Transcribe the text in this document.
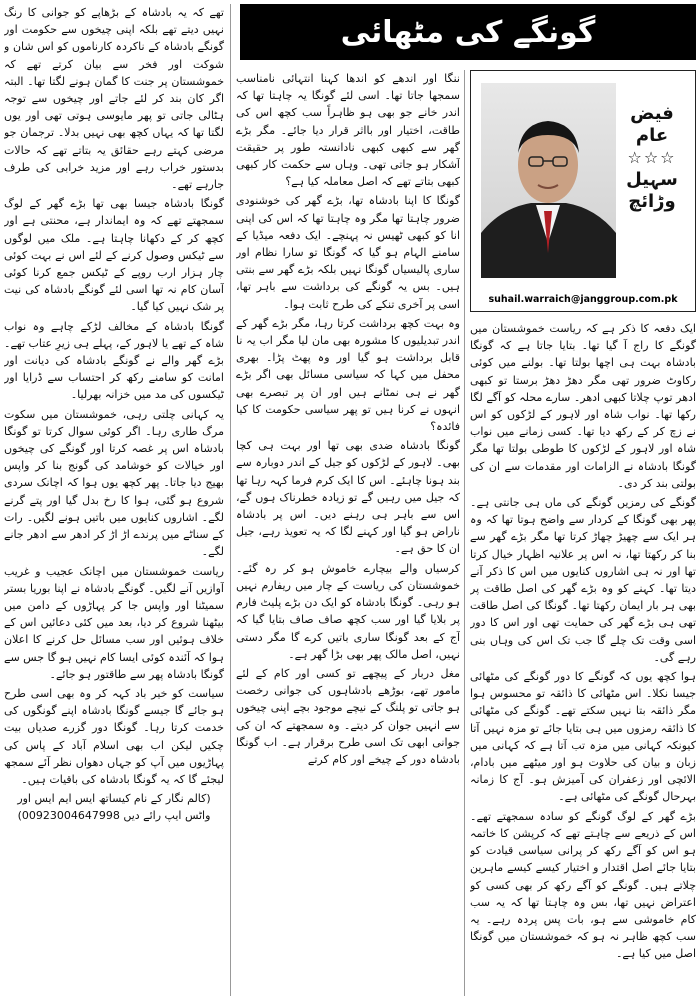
گونگے کی مٹھائی
فیض عام
☆☆☆
سہیل وڑائچ
suhail.warraich@janggroup.com.pk

ایک دفعہ کا ذکر ہے کہ ریاست خموشستان میں گونگے کا راج آ گیا تھا۔ بتایا جاتا ہے کہ گونگا بادشاہ بہت ہی اچھا بولتا تھا۔ بولنے میں کوئی رکاوٹ ضرور تھی مگر دھڑ دھڑ برستا تو کبھی ادھر توپ چلاتا کبھی ادھر۔ سارے محلہ کو آگے لگا رکھا تھا۔ نواب شاہ اور لاہور کے لڑکوں کو اس نے زچ کر کے رکھ دیا تھا۔ کسی زمانے میں نواب شاہ اور لاہور کے لڑکوں کا طوطی بولتا تھا مگر گونگا بادشاہ نے الزامات اور مقدمات سے ان کی بولتی بند کر دی۔

گونگے کی رمزیں گونگے کی ماں ہی جانتی ہے۔ پھر بھی گونگا کے کردار سے واضح ہوتا تھا کہ وہ ہر ایک سے چھیڑ چھاڑ کرتا تھا مگر بڑے گھر سے بنا کر رکھتا تھا، نہ اس پر علانیہ اظہار خیال کرتا تھا اور نہ ہی اشاروں کنایوں میں اس کا ذکر آنے دیتا تھا۔ کہنے کو وہ بڑے گھر کی اصل طاقت پر بھی ہر بار ایمان رکھتا تھا۔ گونگا کی اصل طاقت تھی ہی بڑے گھر کی حمایت تھی اور اس کا دور اسی وقت تک چلے گا جب تک اس کی وہاں بنی رہے گی۔

ہوا کچھ یوں کہ گونگے کا دور گونگے کی مٹھائی جیسا نکلا۔ اس مٹھائی کا ذائقہ تو محسوس ہوا مگر ذائقہ بتا نہیں سکتے تھے۔ گونگے کی مٹھائی کا ذائقہ رمزوں میں ہی بتایا جائے تو مزہ نہیں آتا کیونکہ کہانی میں مزہ تب آتا ہے کہ کہانی میں زبان و بیان کی حلاوت ہو اور میٹھے میں بادام، الائچی اور زعفران کی آمیزش ہو۔ آج کا زمانہ بہرحال گونگے کی مٹھائی ہے۔

بڑے گھر کے لوگ گونگے کو سادہ سمجھتے تھے۔ اس کے ذریعے سے چاہتے تھے کہ کرپشن کا خاتمہ ہو اس کو آگے رکھ کر پرانی سیاسی قیادت کو بتایا جائے اصل اقتدار و اختیار کیسے کیسے ماہرین چلاتے ہیں۔ گونگے کو آگے رکھ کر بھی کسی کو اعتراض نہیں تھا، بس وہ چاہتا تھا کہ یہ سب کام خاموشی سے ہو، بات پس پردہ رہے۔ یہ سب کچھ ظاہر نہ ہو کہ خموشستان میں گونگا اصل میں کیا ہے۔

ننگا اور اندھے کو اندھا کہنا انتہائی نامناسب سمجھا جاتا تھا۔ اسی لئے گونگا یہ چاہتا تھا کہ اندر خانے جو بھی ہو ظاہراً سب کچھ اس کی طاقت، اختیار اور بااثر قرار دیا جائے۔ مگر بڑے گھر سے کبھی کبھی نادانستہ طور پر حقیقت آشکار ہو جاتی تھی۔ وہاں سے حکمت کار کبھی کبھی بتاتے تھے کہ اصل معاملہ کیا ہے؟

گونگا کا اپنا بادشاہ تھا، بڑے گھر کی خوشنودی ضرور چاہتا تھا مگر وہ چاہتا تھا کہ اس کی اپنی انا کو کبھی ٹھیس نہ پہنچے۔ ایک دفعہ میڈیا کے سامنے الہام ہو گیا کہ گونگا تو سارا نظام اور ساری پالیسیاں گونگا نہیں بلکہ بڑے گھر سے بنتی ہیں۔ بس یہ گونگے کی برداشت سے باہر تھا، اسی پر آخری تنکے کی طرح ثابت ہوا۔

وہ بہت کچھ برداشت کرتا رہا، مگر بڑے گھر کے اندر تبدیلیوں کا مشورہ بھی مان لیا مگر اب یہ نا قابل برداشت ہو گیا اور وہ پھٹ پڑا۔ بھری محفل میں کہا کہ سیاسی مسائل بھی اگر بڑے گھر نے ہی نمٹانے ہیں اور ان پر تبصرے بھی انہوں نے کرنا ہیں تو پھر سیاسی حکومت کا کیا فائدہ؟

گونگا بادشاہ ضدی بھی تھا اور بہت ہی کچا بھی۔ لاہور کے لڑکوں کو جیل کے اندر دوبارہ سے بند ہونا چاہئے۔ اس کا ایک کرم فرما کہہ رہا تھا کہ جیل میں رہیں گے تو زیادہ خطرناک ہوں گے، اس سے باہر ہی رہنے دیں۔ اس پر بادشاہ ناراض ہو گیا اور کہنے لگا کہ یہ تعویذ رہے، جیل ان کا حق ہے۔

کرسیاں والے بیچارے خاموش ہو کر رہ گئے۔ خموشستان کی ریاست کے چار میں ریفارم نہیں ہو رہی۔ گونگا بادشاہ کو ایک دن بڑے پلیٹ فارم پر بلایا گیا اور سب کچھ صاف صاف بتایا گیا کہ آج کے بعد گونگا ساری باتیں کرے گا مگر دستی نہیں، اصل مالک پھر بھی بڑا گھر ہے۔

مغل دربار کے پیچھے تو کسی اور کام کے لئے مامور تھے، بوڑھے بادشاہوں کی جوانی رخصت ہو جاتی تو پلنگ کے نیچے موجود بچے اپنی چیخوں سے انہیں جوان کر دیتے۔ وہ سمجھتے کہ ان کی جوانی ابھی تک اسی طرح برقرار ہے۔ اب گونگا بادشاہ دور کے چیخے اور کام کرتے

تھے کہ یہ بادشاہ کے بڑھاپے کو جوانی کا رنگ نہیں دیتے تھے بلکہ اپنی چیخوں سے حکومت اور گونگے بادشاہ کے ناکردہ کارناموں کو اس شان و شوکت اور فخر سے بیان کرتے تھے کہ خموشستان پر جنت کا گمان ہونے لگتا تھا۔ البتہ اگر کان بند کر لئے جاتے اور چیخوں سے توجہ ہٹالی جاتی تو پھر مایوسی ہوتی تھی اور یوں لگتا تھا کہ یہاں کچھ بھی نہیں بدلا۔ ترجمان جو مرضی کہتے رہے حقائق یہ بتاتے تھے کہ حالات بدستور خراب رہے اور مزید خرابی کی طرف جارہے تھے۔

گونگا بادشاہ جیسا بھی تھا بڑے گھر کے لوگ سمجھتے تھے کہ وہ ایماندار ہے، محنتی ہے اور کچھ کر کے دکھانا چاہتا ہے۔ ملک میں لوگوں سے ٹیکس وصول کرنے کے لئے اس نے بہت کوئی چار ہزار ارب روپے کے ٹیکس جمع کرنا کوئی آسان کام نہ تھا اسی لئے گونگے بادشاہ کی نیت پر شک نہیں کیا گیا۔

گونگا بادشاہ کے مخالف لڑکے چاہے وہ نواب شاہ کے تھے یا لاہور کے، پہلے ہی زیرِ عتاب تھے۔ بڑے گھر والے نے گونگے بادشاہ کی دیانت اور امانت کو سامنے رکھ کر احتساب سے ڈرایا اور ٹیکسوں کی مد میں خزانہ بھرلیا۔

یہ کہانی چلتی رہی، خموشستان میں سکوت مرگ طاری رہا۔ اگر کوئی سوال کرتا تو گونگا بادشاہ اس پر غصہ کرتا اور گونگے کی چیخوں اور خیالات کو خوشامد کی گونج بنا کر واپس بھیج دیا جاتا۔ پھر کچھ یوں ہوا کہ اچانک سردی شروع ہو گئی، ہوا کا رخ بدل گیا اور پتے گرنے لگے۔ اشاروں کنایوں میں باتیں ہونے لگیں۔ رات کے سناٹے میں پرندے اڑ اڑ کر ادھر سے ادھر جانے لگے۔

ریاست خموشستان میں اچانک عجیب و غریب آوازیں آنے لگیں۔ گونگے بادشاہ نے اپنا بوریا بستر سمیٹنا اور واپس جا کر پہاڑوں کے دامن میں بیٹھنا شروع کر دیا، بعد میں کئی دعائیں اس کے خلاف ہوئیں اور سب مسائل حل کرنے کا اعلان ہوا کہ آئندہ کوئی ایسا کام نہیں ہو گا جس سے گونگا بادشاہ پھر سے طاقتور ہو جائے۔

سیاست کو خیر باد کہہ کر وہ بھی اسی طرح ہو جائے گا جیسے گونگا بادشاہ اپنے گونگوں کی خدمت کرتا رہا۔ گونگا دور گزرے صدیاں بیت چکیں لیکن اب بھی اسلام آباد کے پاس کی پہاڑیوں میں آپ کو جہاں دھواں نظر آئے سمجھ لیجئے گا کہ یہ گونگا بادشاہ کی باقیات ہیں۔

(کالم نگار کے نام کیساتھ ایس ایم ایس اور واٹس ایپ رائے دیں 00923004647998)
